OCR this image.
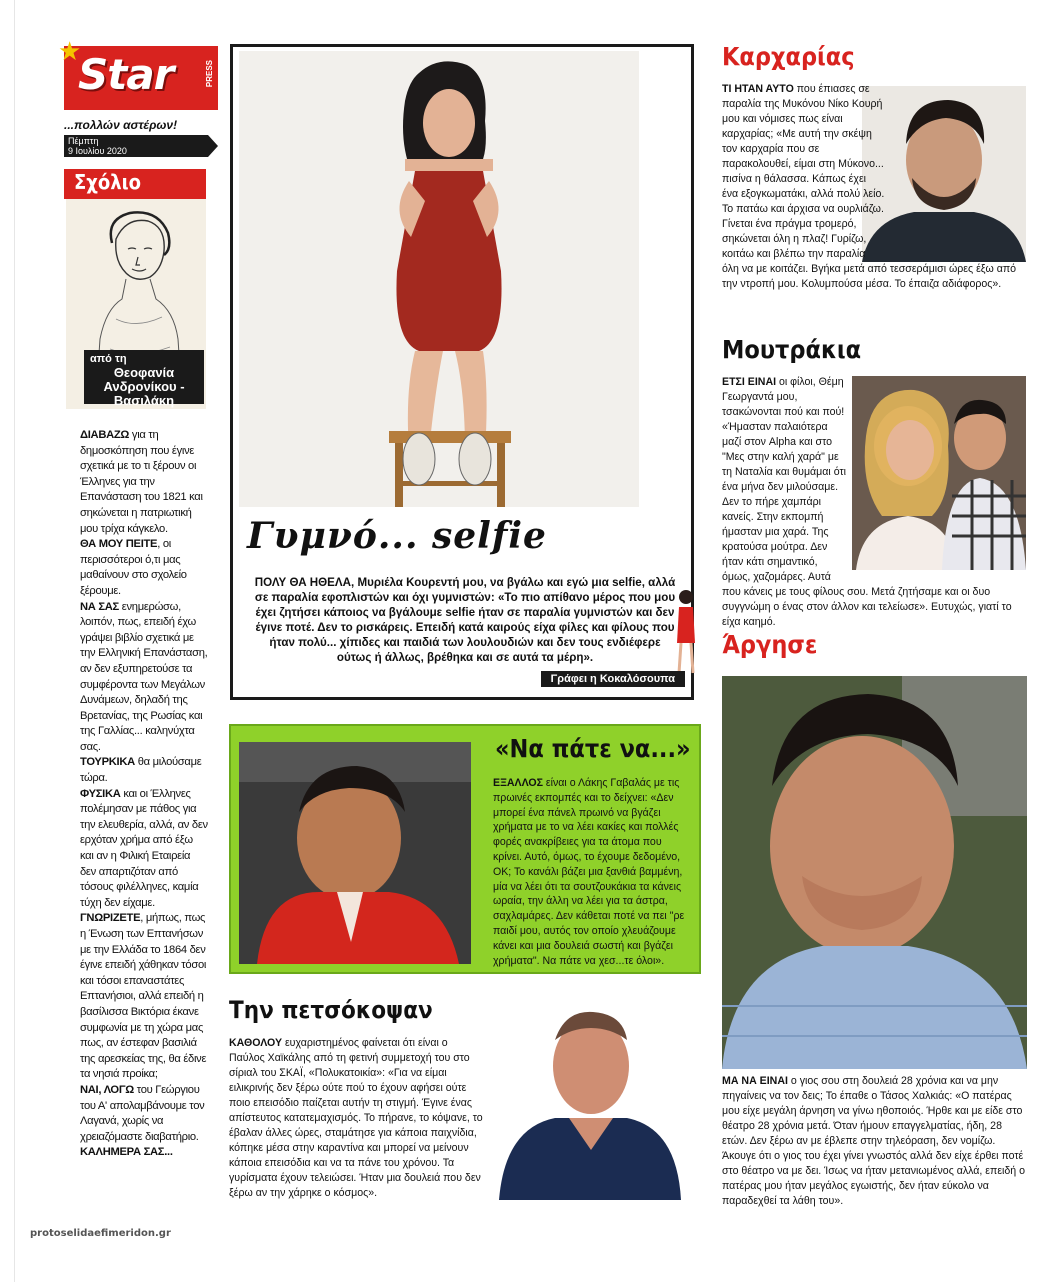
★
Star	PRESS
...πολλών αστέρων!
Πέμπτη
9 Ιουλίου 2020
Σχόλιο
από τη
Θεοφανία Ανδρονίκου - Βασιλάκη

ΔΙΑΒΑΖΩ για τη δημοσκόπηση που έγινε σχετικά με το τι ξέρουν οι Έλληνες για την Επανάσταση του 1821 και σηκώνεται η πατριωτική μου τρίχα κάγκελο.

ΘΑ ΜΟΥ ΠΕΙΤΕ, οι περισσότεροι ό,τι μας μαθαίνουν στο σχολείο ξέρουμε.

ΝΑ ΣΑΣ ενημερώσω, λοιπόν, πως, επειδή έχω γράψει βιβλίο σχετικά με την Ελληνική Επανάσταση, αν δεν εξυπηρετούσε τα συμφέροντα των Μεγάλων Δυνάμεων, δηλαδή της Βρετανίας, της Ρωσίας και της Γαλλίας... καληνύχτα σας.

ΤΟΥΡΚΙΚΑ θα μιλούσαμε τώρα.

ΦΥΣΙΚΑ και οι Έλληνες πολέμησαν με πάθος για την ελευθερία, αλλά, αν δεν ερχόταν χρήμα από έξω και αν η Φιλική Εταιρεία δεν απαρτιζόταν από τόσους φιλέλληνες, καμία τύχη δεν είχαμε.

ΓΝΩΡΙΖΕΤΕ, μήπως, πως η Ένωση των Επτανήσων με την Ελλάδα το 1864 δεν έγινε επειδή χάθηκαν τόσοι και τόσοι επαναστάτες Επτανήσιοι, αλλά επειδή η βασίλισσα Βικτόρια έκανε συμφωνία με τη χώρα μας πως, αν έστεφαν βασιλιά της αρεσκείας της, θα έδινε τα νησιά προίκα;

ΝΑΙ, ΛΟΓΩ του Γεώργιου του Α' απολαμβάνουμε τον Λαγανά, χωρίς να χρειαζόμαστε διαβατήριο.

ΚΑΛΗΜΕΡΑ ΣΑΣ...

Γυμνό... selfie
ΠΟΛΥ ΘΑ ΗΘΕΛΑ, Μυριέλα Κουρεντή μου, να βγάλω και εγώ μια selfie, αλλά σε παραλία εφοπλιστών και όχι γυμνιστών: «Το πιο απίθανο μέρος που μου έχει ζητήσει κάποιος να βγάλουμε selfie ήταν σε παραλία γυμνιστών και δεν έγινε ποτέ. Δεν το ρισκάρεις. Επειδή κατά καιρούς είχα φίλες και φίλους που ήταν πολύ... χίπιδες και παιδιά των λουλουδιών και δεν τους ενδιέφερε ούτως ή άλλως, βρέθηκα και σε αυτά τα μέρη».
Γράφει η Κοκαλόσουπα
«Να πάτε να...»
ΕΞΑΛΛΟΣ είναι ο Λάκης Γαβαλάς με τις πρωινές εκπομπές και το δείχνει: «Δεν μπορεί ένα πάνελ πρωινό να βγάζει χρήματα με το να λέει κακίες και πολλές φορές ανακρίβειες για τα άτομα που κρίνει. Αυτό, όμως, το έχουμε δεδομένο, ΟΚ; Το κανάλι βάζει μια ξανθιά βαμμένη, μία να λέει ότι τα σουτζουκάκια τα κάνεις ωραία, την άλλη να λέει για τα άστρα, σαχλαμάρες. Δεν κάθεται ποτέ να πει "ρε παιδί μου, αυτός τον οποίο χλευάζουμε κάνει και μια δουλειά σωστή και βγάζει χρήματα". Να πάτε να χεσ...τε όλοι».
Την πετσόκοψαν
ΚΑΘΟΛΟΥ ευχαριστημένος φαίνεται ότι είναι ο Παύλος Χαϊκάλης από τη φετινή συμμετοχή του στο σίριαλ του ΣΚΑΪ, «Πολυκατοικία»: «Για να είμαι ειλικρινής δεν ξέρω ούτε πού το έχουν αφήσει ούτε ποιο επεισόδιο παίζεται αυτήν τη στιγμή. Έγινε ένας απίστευτος κατατεμαχισμός. Το πήρανε, το κόψανε, το έβαλαν άλλες ώρες, σταμάτησε για κάποια παιχνίδια, κόπηκε μέσα στην καραντίνα και μπορεί να μείνουν κάποια επεισόδια και να τα πάνε του χρόνου. Τα γυρίσματα έχουν τελειώσει. Ήταν μια δουλειά που δεν ξέρω αν την χάρηκε ο κόσμος».
Καρχαρίας
ΤΙ ΗΤΑΝ ΑΥΤΟ που έπιασες σε παραλία της Μυκόνου Νίκο Κουρή μου και νόμισες πως είναι καρχαρίας; «Με αυτή την σκέψη τον καρχαρία που σε παρακολουθεί, είμαι στη Μύκονο... πισίνα η θάλασσα. Κάπως έχει ένα εξογκωματάκι, αλλά πολύ λείο. Το πατάω και άρχισα να ουρλιάζω. Γίνεται ένα πράγμα τρομερό, σηκώνεται όλη η πλαζ! Γυρίζω, κοιτάω και βλέπω την παραλία όλη να με κοιτάζει. Βγήκα μετά από τεσσεράμισι ώρες έξω από την ντροπή μου. Κολυμπούσα μέσα. Το έπαιζα αδιάφορος».
Μουτράκια
ΕΤΣΙ ΕΙΝΑΙ οι φίλοι, Θέμη Γεωργαντά μου, τσακώνονται πού και πού! «Ήμασταν παλαιότερα μαζί στον Alpha και στο "Μες στην καλή χαρά" με τη Ναταλία και θυμάμαι ότι ένα μήνα δεν μιλούσαμε. Δεν το πήρε χαμπάρι κανείς. Στην εκπομπή ήμασταν μια χαρά. Της κρατούσα μούτρα. Δεν ήταν κάτι σημαντικό, όμως, χαζομάρες. Αυτά που κάνεις με τους φίλους σου. Μετά ζητήσαμε και οι δυο συγγνώμη ο ένας στον άλλον και τελείωσε». Ευτυχώς, γιατί το είχα καημό.
Άργησε
ΜΑ ΝΑ ΕΙΝΑΙ ο γιος σου στη δουλειά 28 χρόνια και να μην πηγαίνεις να τον δεις; Το έπαθε ο Τάσος Χαλκιάς: «Ο πατέρας μου είχε μεγάλη άρνηση να γίνω ηθοποιός. Ήρθε και με είδε στο θέατρο 28 χρόνια μετά. Όταν ήμουν επαγγελματίας, ήδη, 28 ετών. Δεν ξέρω αν με έβλεπε στην τηλεόραση, δεν νομίζω. Άκουγε ότι ο γιος του έχει γίνει γνωστός αλλά δεν είχε έρθει ποτέ στο θέατρο να με δει. Ίσως να ήταν μετανιωμένος αλλά, επειδή ο πατέρας μου ήταν μεγάλος εγωιστής, δεν ήταν εύκολο να παραδεχθεί τα λάθη του».
protoselidaefimeridon.gr
